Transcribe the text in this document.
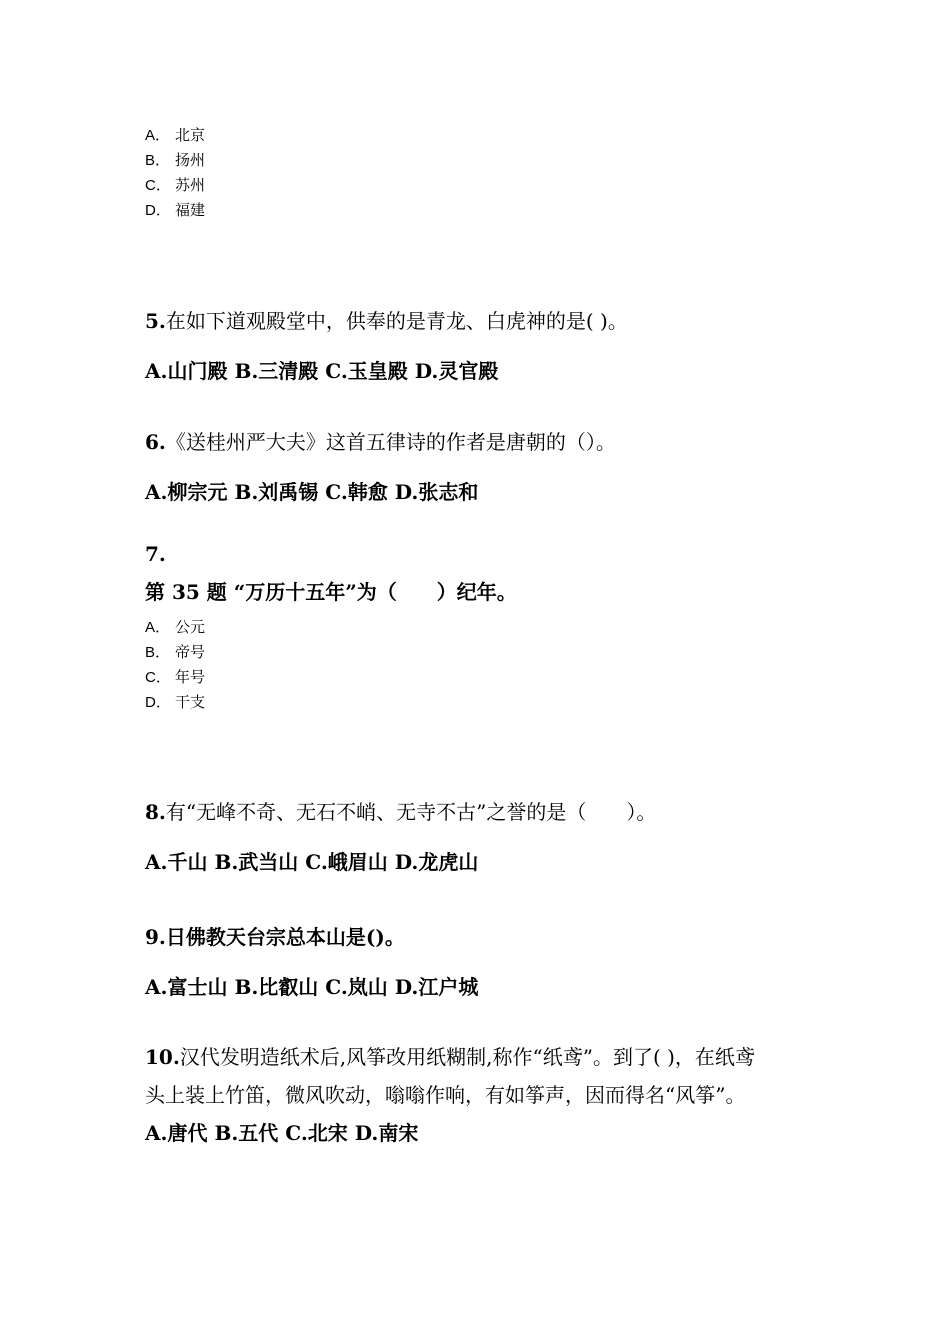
A． 北京
B． 扬州
C． 苏州
D． 福建
5.在如下道观殿堂中，供奉的是青龙、白虎神的是( )。
A.山门殿 B.三清殿 C.玉皇殿 D.灵官殿
6.《送桂州严大夫》这首五律诗的作者是唐朝的（）。
A.柳宗元 B.刘禹锡 C.韩愈 D.张志和
7.
第 35 题 “万历十五年”为（　　）纪年。
A． 公元
B． 帝号
C． 年号
D． 干支
8.有“无峰不奇、无石不峭、无寺不古”之誉的是（　　）。
A.千山 B.武当山 C.峨眉山 D.龙虎山
9.日佛教天台宗总本山是()。
A.富士山 B.比叡山 C.岚山 D.江户城
10.汉代发明造纸术后,风筝改用纸糊制,称作“纸鸢”。到了( )，在纸鸢
头上装上竹笛，微风吹动，嗡嗡作响，有如筝声，因而得名“风筝”。
A.唐代 B.五代 C.北宋 D.南宋
